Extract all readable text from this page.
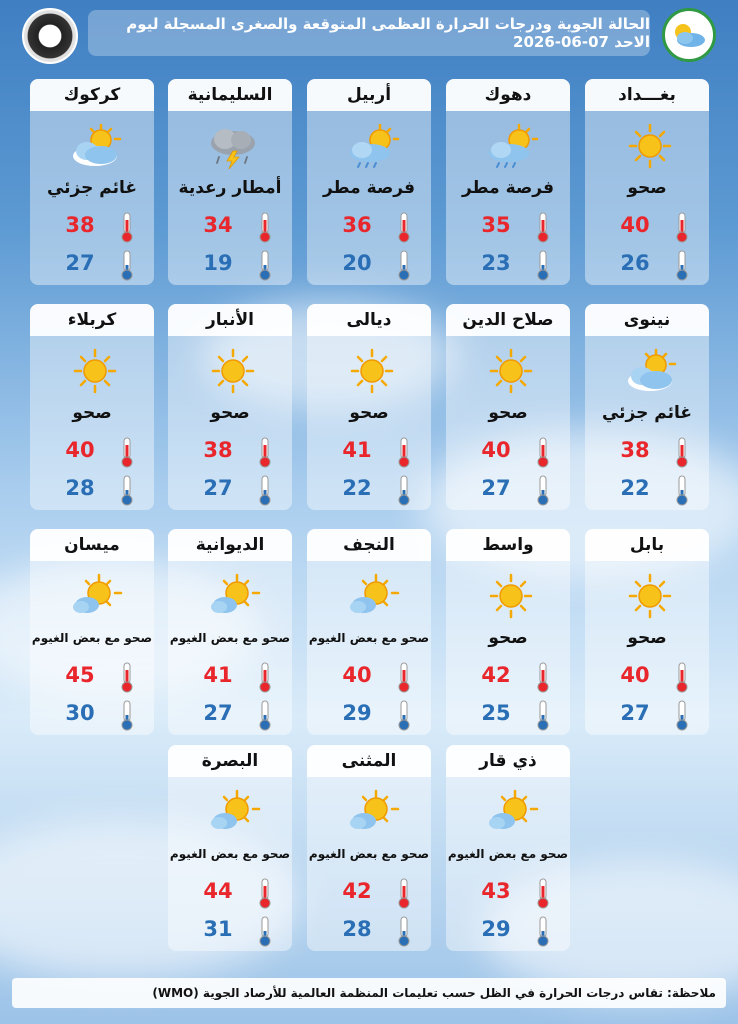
الحالة الجوية ودرجات الحرارة العظمى المتوقعة والصغرى المسجلة ليوم الاحد 07-06-2026
بغـــداد
صحو
40
26
دهوك
فرصة مطر
35
23
أربيل
فرصة مطر
36
20
السليمانية
أمطار رعدية
34
19
كركوك
غائم جزئي
38
27
نينوى
غائم جزئي
38
22
صلاح الدين
صحو
40
27
ديالى
صحو
41
22
الأنبار
صحو
38
27
كربلاء
صحو
40
28
بابل
صحو
40
27
واسط
صحو
42
25
النجف
صحو مع بعض الغيوم
40
29
الديوانية
صحو مع بعض الغيوم
41
27
ميسان
صحو مع بعض الغيوم
45
30
ذي قار
صحو مع بعض الغيوم
43
29
المثنى
صحو مع بعض الغيوم
42
28
البصرة
صحو مع بعض الغيوم
44
31
ملاحظة: تقاس درجات الحرارة في الظل حسب تعليمات المنظمة العالمية للأرصاد الجوية (WMO)
